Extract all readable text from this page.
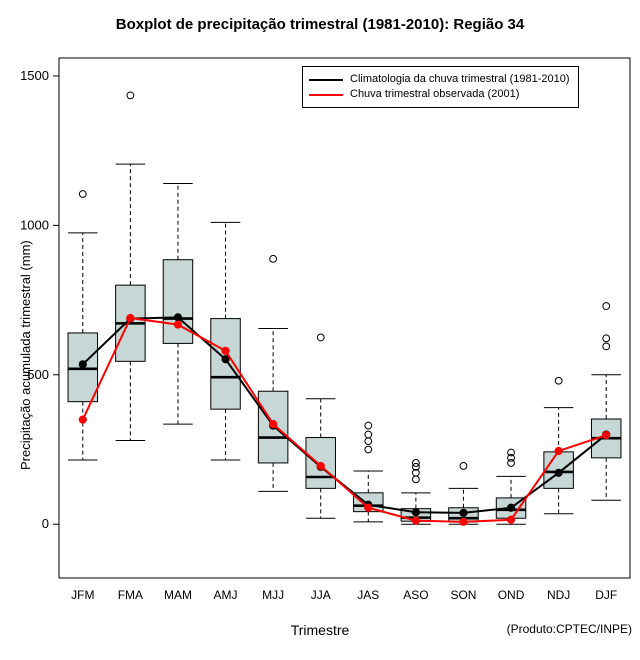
Boxplot de precipitação trimestral (1981-2010): Região 34
Precipitação acumulada trimestral (mm)
Trimestre	(Produto:CPTEC/INPE)
0
500
1000
1500
JFM FMA MAM AMJ MJJ JJA JAS ASO SON OND NDJ DJF
Climatologia da chuva trimestral (1981-2010)
Chuva trimestral observada (2001)
